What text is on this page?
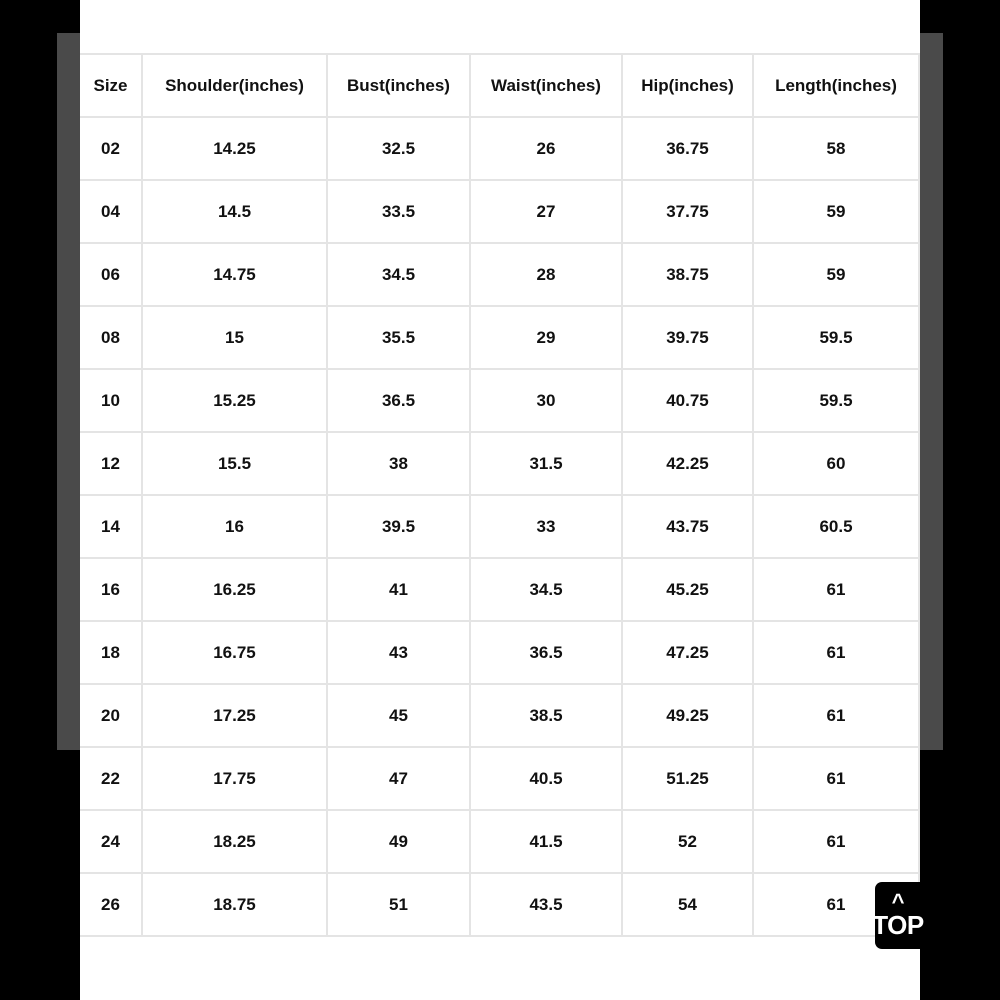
Size	Shoulder(inches)	Bust(inches)	Waist(inches)	Hip(inches)	Length(inches)
02	14.25	32.5	26	36.75	58
04	14.5	33.5	27	37.75	59
06	14.75	34.5	28	38.75	59
08	15	35.5	29	39.75	59.5
10	15.25	36.5	30	40.75	59.5
12	15.5	38	31.5	42.25	60
14	16	39.5	33	43.75	60.5
16	16.25	41	34.5	45.25	61
18	16.75	43	36.5	47.25	61
20	17.25	45	38.5	49.25	61
22	17.75	47	40.5	51.25	61
24	18.25	49	41.5	52	61
26	18.75	51	43.5	54	61 ^
TOP
